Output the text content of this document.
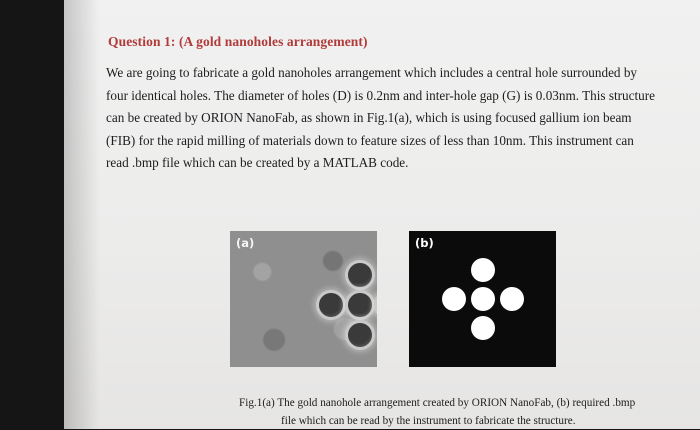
Question 1: (A gold nanoholes arrangement)

We are going to fabricate a gold nanoholes arrangement which includes a central hole surrounded by
four identical holes. The diameter of holes (D) is 0.2nm and inter-hole gap (G) is 0.03nm. This structure
can be created by ORION NanoFab, as shown in Fig.1(a), which is using focused gallium ion beam
(FIB) for the rapid milling of materials down to feature sizes of less than 10nm. This instrument can
read .bmp file which can be created by a MATLAB code.

(a)	(b)

Fig.1(a) The gold nanohole arrangement created by ORION NanoFab, (b) required .bmp
file which can be read by the instrument to fabricate the structure.
